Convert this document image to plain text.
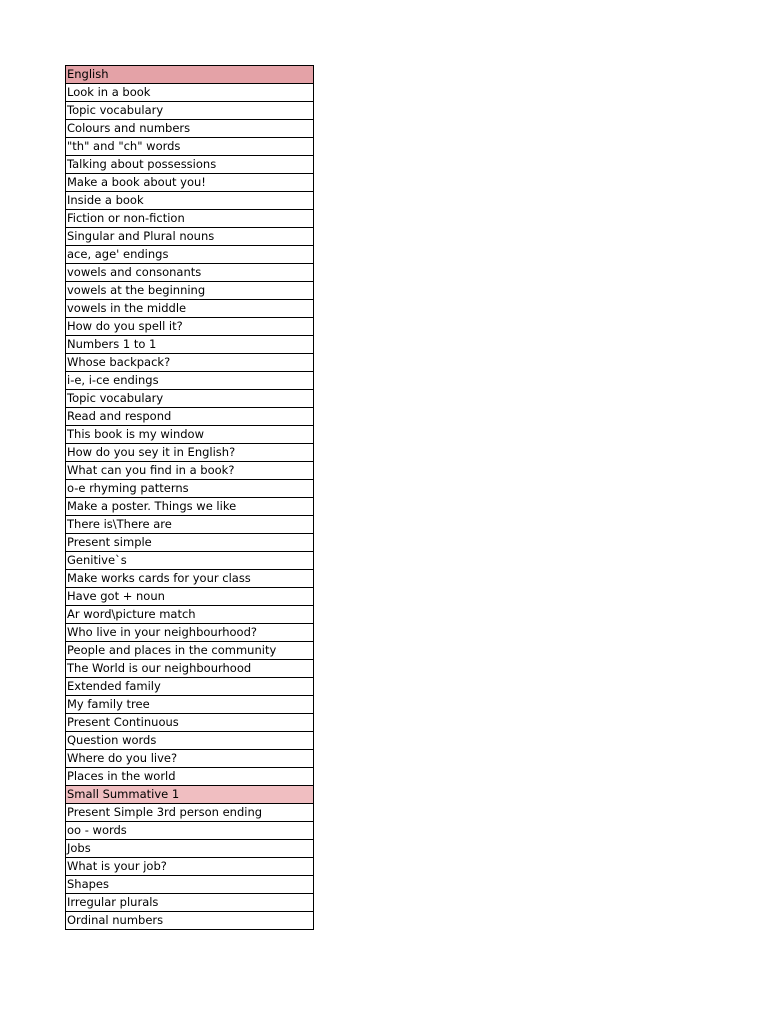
English
Look in a book
Topic vocabulary
Colours and numbers
"th" and "ch" words
Talking about possessions
Make a book about you!
Inside a book
Fiction or non-fiction
Singular and Plural nouns
ace, age' endings
vowels and consonants
vowels at the beginning
vowels in the middle
How do you spell it?
Numbers 1 to 1
Whose backpack?
i-e, i-ce endings
Topic vocabulary
Read and respond
This book is my window
How do you sey it in English?
What can you find in a book?
o-e rhyming patterns
Make a poster. Things we like
There is\There are
Present simple
Genitive`s
Make works cards for your class
Have got + noun
Ar word\picture match
Who live in your neighbourhood?
People and places in the community
The World is our neighbourhood
Extended family
My family tree
Present Continuous
Question words
Where do you live?
Places in the world
Small Summative 1
Present Simple 3rd person ending
oo - words
Jobs
What is your job?
Shapes
Irregular plurals
Ordinal numbers
